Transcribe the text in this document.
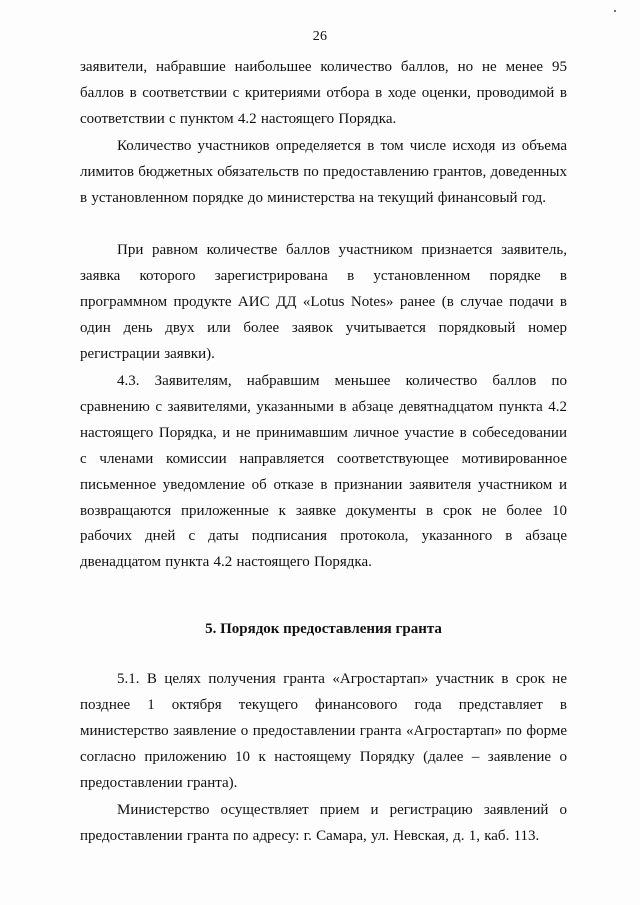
26

заявители, набравшие наибольшее количество баллов, но не менее 95 баллов в соответствии с критериями отбора в ходе оценки, проводимой в соответствии с пунктом 4.2 настоящего Порядка.

Количество участников определяется в том числе исходя из объема лимитов бюджетных обязательств по предоставлению грантов, доведенных в установленном порядке до министерства на текущий финансовый год.

При равном количестве баллов участником признается заявитель, заявка которого зарегистрирована в установленном порядке в программном продукте АИС ДД «Lotus Notes» ранее (в случае подачи в один день двух или более заявок учитывается порядковый номер регистрации заявки).

4.3. Заявителям, набравшим меньшее количество баллов по сравнению с заявителями, указанными в абзаце девятнадцатом пункта 4.2 настоящего Порядка, и не принимавшим личное участие в собеседовании с членами комиссии направляется соответствующее мотивированное письменное уведомление об отказе в признании заявителя участником и возвращаются приложенные к заявке документы в срок не более 10 рабочих дней с даты подписания протокола, указанного в абзаце двенадцатом пункта 4.2 настоящего Порядка.

5. Порядок предоставления гранта

5.1. В целях получения гранта «Агростартап» участник в срок не позднее 1 октября текущего финансового года представляет в министерство заявление о предоставлении гранта «Агростартап» по форме согласно приложению 10 к настоящему Порядку (далее – заявление о предоставлении гранта).

Министерство осуществляет прием и регистрацию заявлений о предоставлении гранта по адресу: г. Самара, ул. Невская, д. 1, каб. 113.
